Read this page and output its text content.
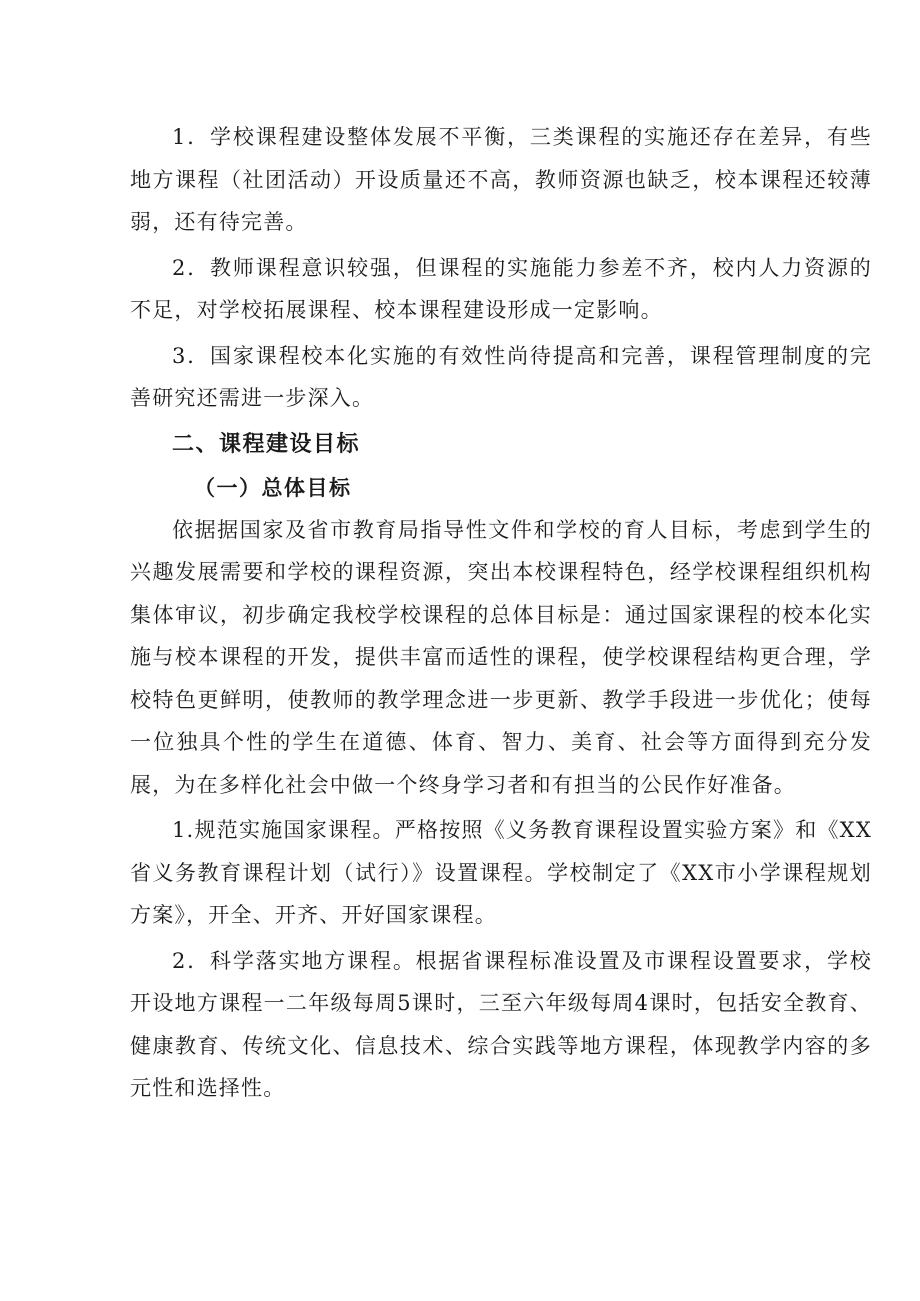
1．学校课程建设整体发展不平衡，三类课程的实施还存在差异，有些地方课程（社团活动）开设质量还不高，教师资源也缺乏，校本课程还较薄弱，还有待完善。

2．教师课程意识较强，但课程的实施能力参差不齐，校内人力资源的不足，对学校拓展课程、校本课程建设形成一定影响。

3．国家课程校本化实施的有效性尚待提高和完善，课程管理制度的完善研究还需进一步深入。

二、课程建设目标
（一）总体目标

依据据国家及省市教育局指导性文件和学校的育人目标，考虑到学生的兴趣发展需要和学校的课程资源，突出本校课程特色，经学校课程组织机构集体审议，初步确定我校学校课程的总体目标是：通过国家课程的校本化实施与校本课程的开发，提供丰富而适性的课程，使学校课程结构更合理，学校特色更鲜明，使教师的教学理念进一步更新、教学手段进一步优化；使每一位独具个性的学生在道德、体育、智力、美育、社会等方面得到充分发展，为在多样化社会中做一个终身学习者和有担当的公民作好准备。

1.规范实施国家课程。严格按照《义务教育课程设置实验方案》和《XX省义务教育课程计划（试行）》设置课程。学校制定了《XX市小学课程规划方案》，开全、开齐、开好国家课程。

2．科学落实地方课程。根据省课程标准设置及市课程设置要求，学校开设地方课程一二年级每周5课时，三至六年级每周4课时，包括安全教育、健康教育、传统文化、信息技术、综合实践等地方课程，体现教学内容的多元性和选择性。
